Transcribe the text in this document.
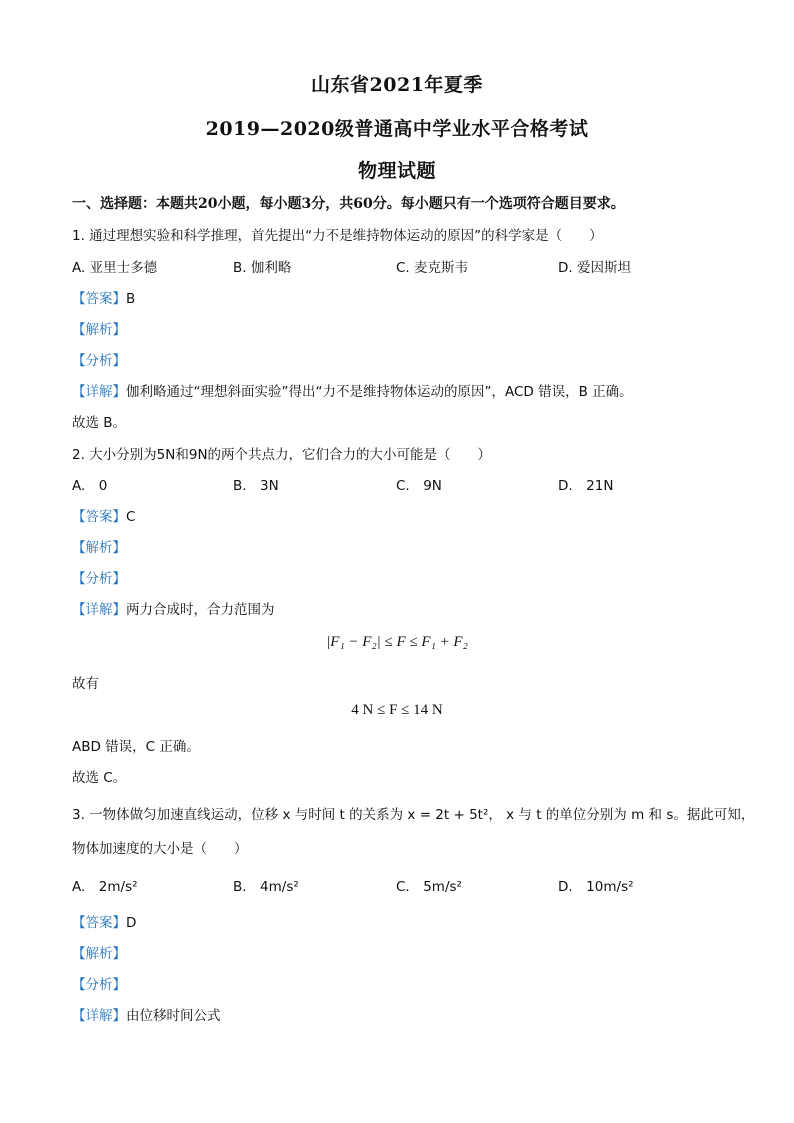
山东省2021年夏季
2019—2020级普通高中学业水平合格考试
物理试题
一、选择题：本题共20小题，每小题3分，共60分。每小题只有一个选项符合题目要求。
1. 通过理想实验和科学推理，首先提出“力不是维持物体运动的原因”的科学家是（　　）
A. 亚里士多德	B. 伽利略	C. 麦克斯韦	D. 爱因斯坦
【答案】B
【解析】
【分析】
【详解】伽利略通过“理想斜面实验”得出“力不是维持物体运动的原因”，ACD 错误，B 正确。
故选 B。
2. 大小分别为5N和9N的两个共点力，它们合力的大小可能是（　　）
A.　0	B.　3N	C.　9N	D.　21N
【答案】C
【解析】
【分析】
【详解】两力合成时，合力范围为
|F₁ − F₂| ≤ F ≤ F₁ + F₂
故有
4 N ≤ F ≤ 14 N
ABD 错误，C 正确。
故选 C。
3. 一物体做匀加速直线运动，位移 x 与时间 t 的关系为 x = 2t + 5t²， x 与 t 的单位分别为 m 和 s。据此可知，
物体加速度的大小是（　　）
A.　2m/s²	B.　4m/s²	C.　5m/s²	D.　10m/s²
【答案】D
【解析】
【分析】
【详解】由位移时间公式
